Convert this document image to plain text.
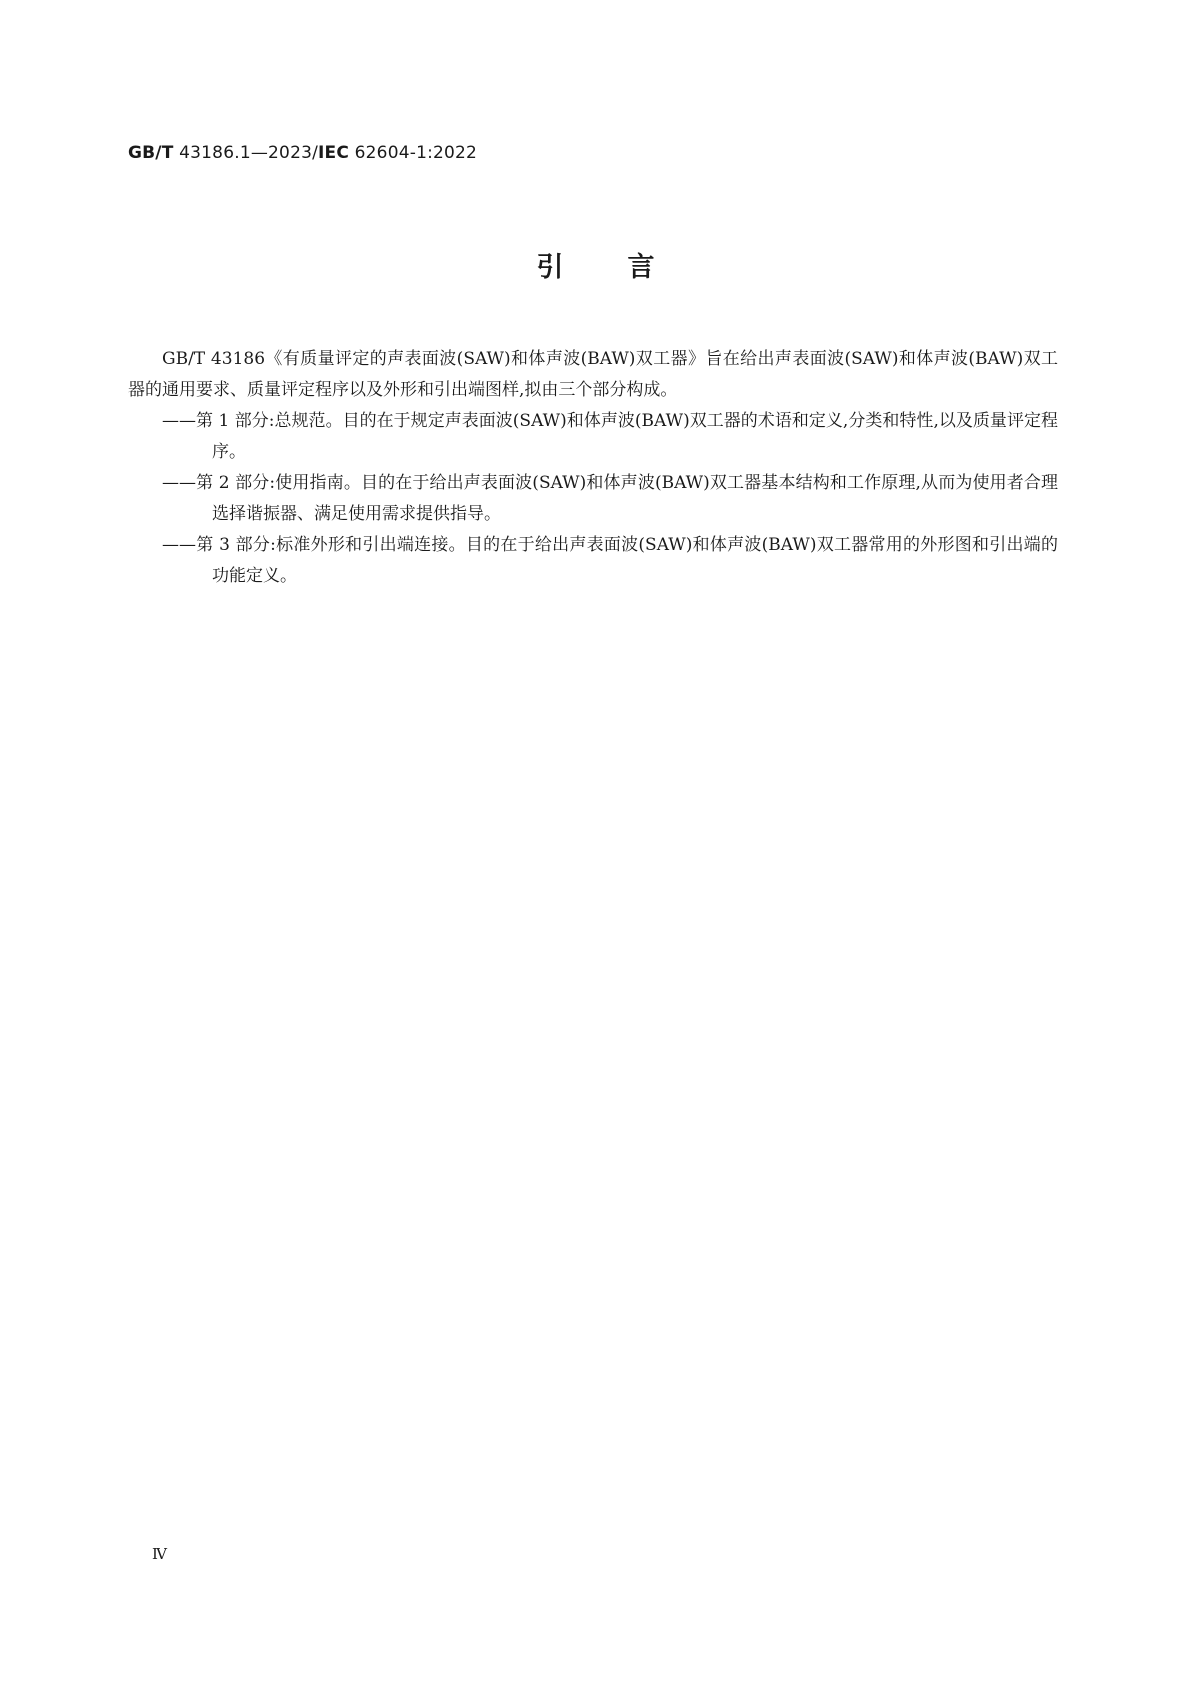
GB/T 43186.1—2023/IEC 62604-1:2022
引言

GB/T 43186《有质量评定的声表面波(SAW)和体声波(BAW)双工器》旨在给出声表面波(SAW)和体声波(BAW)双工器的通用要求、质量评定程序以及外形和引出端图样,拟由三个部分构成。

——第 1 部分:总规范。目的在于规定声表面波(SAW)和体声波(BAW)双工器的术语和定义,分类和特性,以及质量评定程序。

——第 2 部分:使用指南。目的在于给出声表面波(SAW)和体声波(BAW)双工器基本结构和工作原理,从而为使用者合理选择谐振器、满足使用需求提供指导。

——第 3 部分:标准外形和引出端连接。目的在于给出声表面波(SAW)和体声波(BAW)双工器常用的外形图和引出端的功能定义。

Ⅳ
